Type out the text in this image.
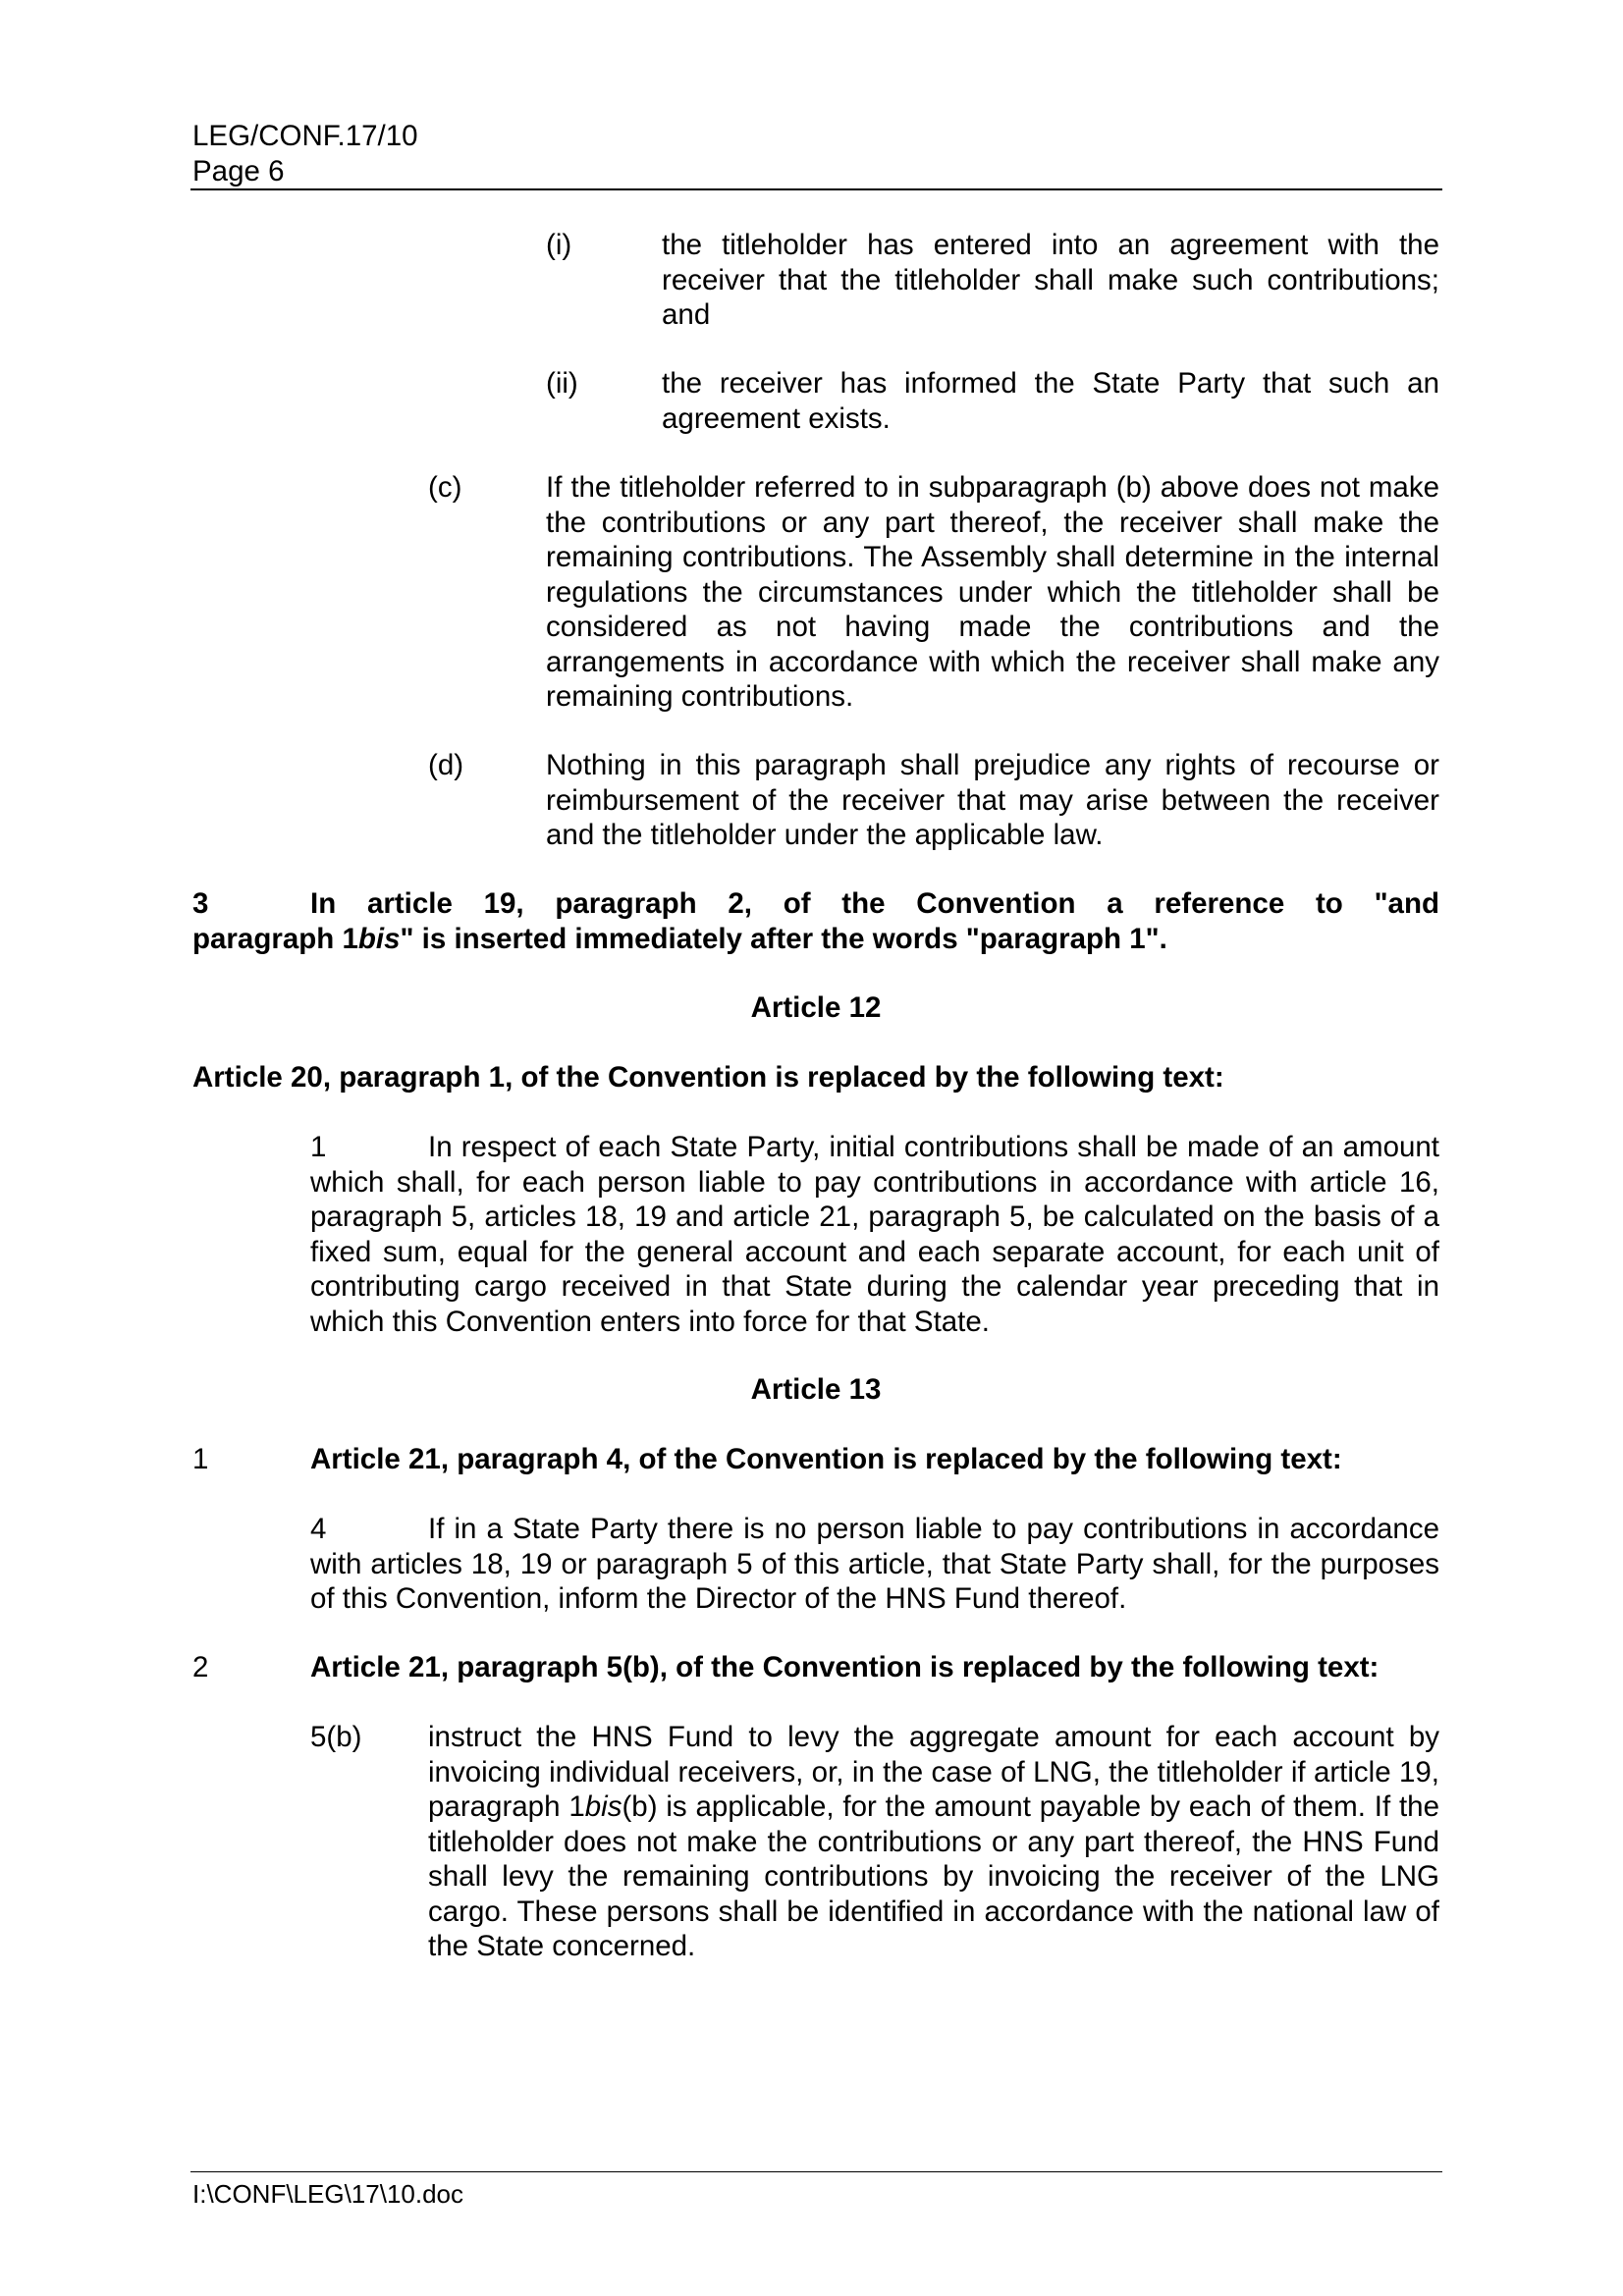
LEG/CONF.17/10
Page 6
(i)	the titleholder has entered into an agreement with the receiver that the titleholder shall make such contributions; and
(ii)	the receiver has informed the State Party that such an agreement exists.
(c)	If the titleholder referred to in subparagraph (b) above does not make the contributions or any part thereof, the receiver shall make the remaining contributions. The Assembly shall determine in the internal regulations the circumstances under which the titleholder shall be considered as not having made the contributions and the arrangements in accordance with which the receiver shall make any remaining contributions.
(d)	Nothing in this paragraph shall prejudice any rights of recourse or reimbursement of the receiver that may arise between the receiver and the titleholder under the applicable law.
3	In article 19, paragraph 2, of the Convention a reference to "and
paragraph 1bis" is inserted immediately after the words "paragraph 1".
Article 12
Article 20, paragraph 1, of the Convention is replaced by the following text:
1	In respect of each State Party, initial contributions shall be made of an amount which shall, for each person liable to pay contributions in accordance with article 16, paragraph 5, articles 18, 19 and article 21, paragraph 5, be calculated on the basis of a fixed sum, equal for the general account and each separate account, for each unit of contributing cargo received in that State during the calendar year preceding that in which this Convention enters into force for that State.
Article 13
1	Article 21, paragraph 4, of the Convention is replaced by the following text:
4	If in a State Party there is no person liable to pay contributions in accordance with articles 18, 19 or paragraph 5 of this article, that State Party shall, for the purposes of this Convention, inform the Director of the HNS Fund thereof.
2	Article 21, paragraph 5(b), of the Convention is replaced by the following text:
5(b) instruct the HNS Fund to levy the aggregate amount for each account by invoicing individual receivers, or, in the case of LNG, the titleholder if article 19, paragraph 1bis(b) is applicable, for the amount payable by each of them. If the titleholder does not make the contributions or any part thereof, the HNS Fund shall levy the remaining contributions by invoicing the receiver of the LNG cargo. These persons shall be identified in accordance with the national law of the State concerned.
I:\CONF\LEG\17\10.doc
